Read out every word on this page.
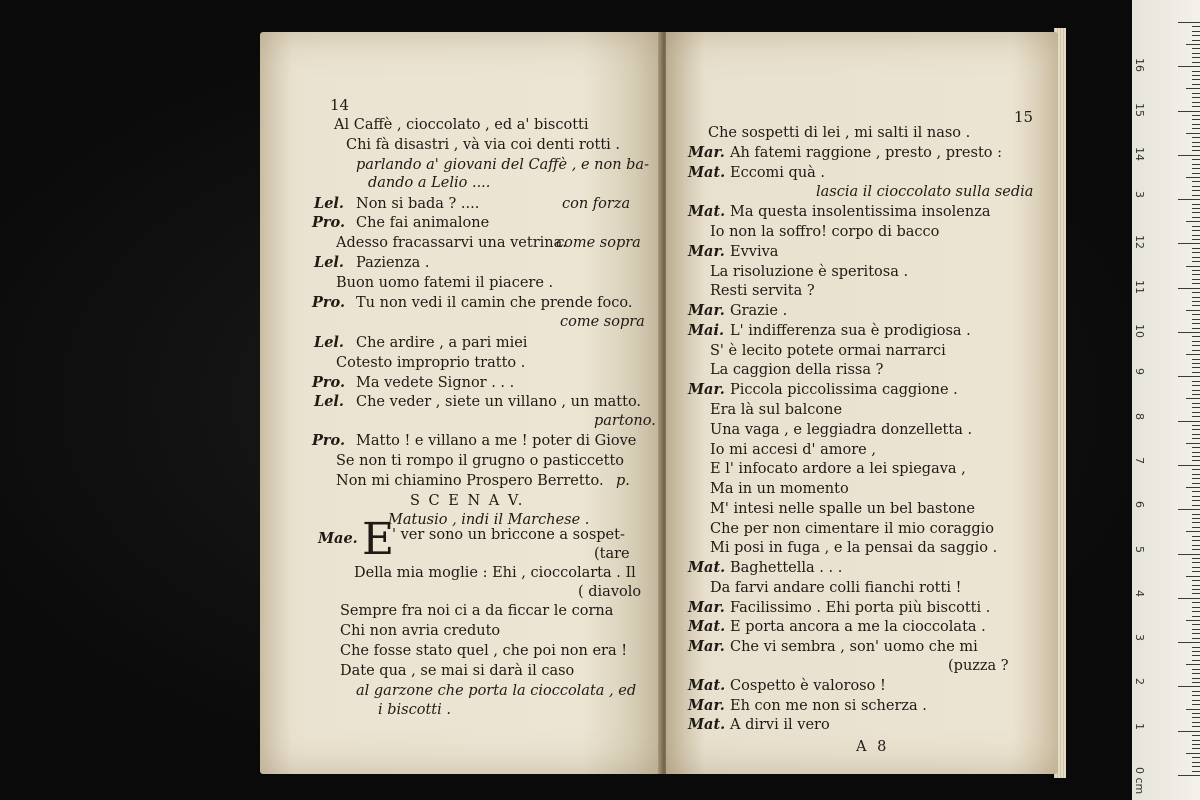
14
Al Caffè , cioccolato , ed a' biscotti
Chi fà disastri , và via coi denti rotti .
parlando a' giovani del Caffè , e non ba-
dando a Lelio ....
Lel. Non si bada ? ....	con forza
Pro. Che fai animalone
Adesso fracassarvi una vetrina.
come sopra
Lel. Pazienza .
Buon uomo fatemi il piacere .
Pro. Tu non vedi il camin che prende foco.
come sopra
Lel. Che ardire , a pari miei
Cotesto improprio tratto .
Pro. Ma vedete Signor . . .
Lel. Che veder , siete un villano , un matto.
partono.
Pro. Matto ! e villano a me ! poter di Giove
Se non ti rompo il grugno o pasticcetto
Non mi chiamino Prospero Berretto. p.
S C E N A V.
Matusio , indi il Marchese .
Mae. E
' ver sono un briccone a sospet-
(tare
Della mia moglie : Ehi , cioccolarta . Il
( diavolo
Sempre fra noi ci a da ficcar le corna
Chi non avria creduto
Che fosse stato quel , che poi non era !
Date qua , se mai si darà il caso
al garzone che porta la cioccolata , ed
i biscotti .
15
Che sospetti di lei , mi salti il naso .
Mar. Ah fatemi raggione , presto , presto :
Mat. Eccomi quà .
lascia il cioccolato sulla sedia
Mat. Ma questa insolentissima insolenza
Io non la soffro! corpo di bacco
Mar. Evviva
La risoluzione è speritosa .
Resti servita ?
Mar. Grazie .
Mai. L' indifferenza sua è prodigiosa .
S' è lecito potete ormai narrarci
La caggion della rissa ?
Mar. Piccola piccolissima caggione .
Era là sul balcone
Una vaga , e leggiadra donzelletta .
Io mi accesi d' amore ,
E l' infocato ardore a lei spiegava ,
Ma in un momento
M' intesi nelle spalle un bel bastone
Che per non cimentare il mio coraggio
Mi posi in fuga , e la pensai da saggio .
Mat. Baghettella . . .
Da farvi andare colli fianchi rotti !
Mar. Facilissimo . Ehi porta più biscotti .
Mat. E porta ancora a me la cioccolata .
Mar. Che vi sembra , son' uomo che mi
(puzza ?
Mat. Cospetto è valoroso !
Mar. Eh con me non si scherza .
Mat. A dirvi il vero
A 8
0 cm
1
2
3
4
5
6
7
8
9
10
11
12
3
14
15
16
